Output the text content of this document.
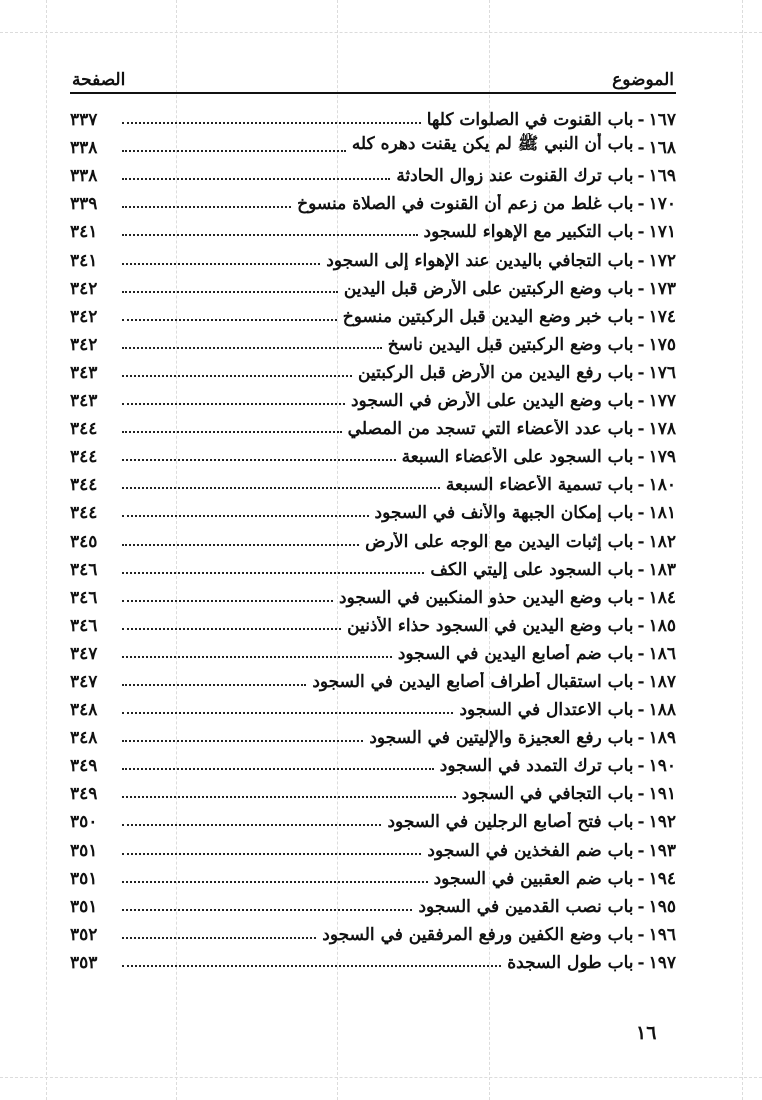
الموضوع
الصفحة
١٦٧
-
باب القنوت في الصلوات كلها
٣٣٧
١٦٨
-
باب أن النبي ﷺ لم يكن يقنت دهره كله
٣٣٨
١٦٩
-
باب ترك القنوت عند زوال الحادثة
٣٣٨
١٧٠
-
باب غلط من زعم أن القنوت في الصلاة منسوخ
٣٣٩
١٧١
-
باب التكبير مع الإهواء للسجود
٣٤١
١٧٢
-
باب التجافي باليدين عند الإهواء إلى السجود
٣٤١
١٧٣
-
باب وضع الركبتين على الأرض قبل اليدين
٣٤٢
١٧٤
-
باب خبر وضع اليدين قبل الركبتين منسوخ
٣٤٢
١٧٥
-
باب وضع الركبتين قبل اليدين ناسخ
٣٤٢
١٧٦
-
باب رفع اليدين من الأرض قبل الركبتين
٣٤٣
١٧٧
-
باب وضع اليدين على الأرض في السجود
٣٤٣
١٧٨
-
باب عدد الأعضاء التي تسجد من المصلي
٣٤٤
١٧٩
-
باب السجود على الأعضاء السبعة
٣٤٤
١٨٠
-
باب تسمية الأعضاء السبعة
٣٤٤
١٨١
-
باب إمكان الجبهة والأنف في السجود
٣٤٤
١٨٢
-
باب إثبات اليدين مع الوجه على الأرض
٣٤٥
١٨٣
-
باب السجود على إليتي الكف
٣٤٦
١٨٤
-
باب وضع اليدين حذو المنكبين في السجود
٣٤٦
١٨٥
-
باب وضع اليدين في السجود حذاء الأذنين
٣٤٦
١٨٦
-
باب ضم أصابع اليدين في السجود
٣٤٧
١٨٧
-
باب استقبال أطراف أصابع اليدين في السجود
٣٤٧
١٨٨
-
باب الاعتدال في السجود
٣٤٨
١٨٩
-
باب رفع العجيزة والإليتين في السجود
٣٤٨
١٩٠
-
باب ترك التمدد في السجود
٣٤٩
١٩١
-
باب التجافي في السجود
٣٤٩
١٩٢
-
باب فتح أصابع الرجلين في السجود
٣٥٠
١٩٣
-
باب ضم الفخذين في السجود
٣٥١
١٩٤
-
باب ضم العقبين في السجود
٣٥١
١٩٥
-
باب نصب القدمين في السجود
٣٥١
١٩٦
-
باب وضع الكفين ورفع المرفقين في السجود
٣٥٢
١٩٧
-
باب طول السجدة
٣٥٣
١٦
